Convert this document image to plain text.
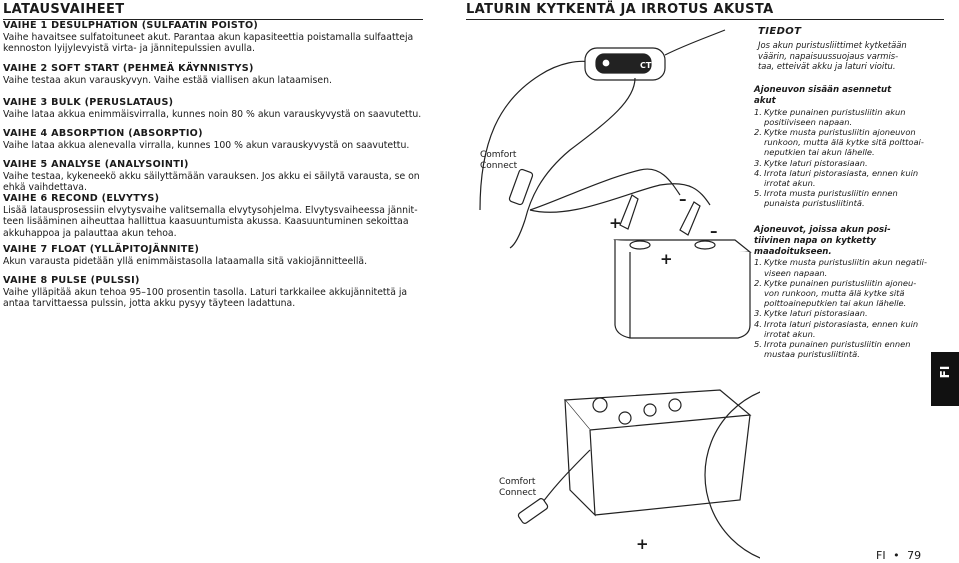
LATAUSVAIHEET
VAIHE 1 DESULPHATION (SULFAATIN POISTO)
Vaihe havaitsee sulfatoituneet akut. Parantaa akun kapasiteettia poistamalla sulfaatteja
kennoston lyijylevyistä virta- ja jännitepulssien avulla.
VAIHE 2 SOFT START (PEHMEÄ KÄYNNISTYS)
Vaihe testaa akun varauskyvyn. Vaihe estää viallisen akun lataamisen.
VAIHE 3 BULK (PERUSLATAUS)
Vaihe lataa akkua enimmäisvirralla, kunnes noin 80 % akun varauskyvystä on saavutettu.
VAIHE 4 ABSORPTION (ABSORPTIO)
Vaihe lataa akkua alenevalla virralla, kunnes 100 % akun varauskyvystä on saavutettu.
VAIHE 5 ANALYSE (ANALYSOINTI)
Vaihe testaa, kykeneekö akku säilyttämään varauksen. Jos akku ei säilytä varausta, se on
ehkä vaihdettava.
VAIHE 6 RECOND (ELVYTYS)
Lisää latausprosessiin elvytysvaihe valitsemalla elvytysohjelma. Elvytysvaiheessa jännit-
teen lisääminen aiheuttaa hallittua kaasuuntumista akussa. Kaasuuntuminen sekoittaa
akkuhappoa ja palauttaa akun tehoa.
VAIHE 7 FLOAT (YLLÄPITOJÄNNITE)
Akun varausta pidetään yllä enimmäistasolla lataamalla sitä vakiojännitteellä.
VAIHE 8 PULSE (PULSSI)
Vaihe ylläpitää akun tehoa 95–100 prosentin tasolla. Laturi tarkkailee akkujännitettä ja
antaa tarvittaessa pulssin, jotta akku pysyy täyteen ladattuna.
LATURIN KYTKENTÄ JA IRROTUS AKUSTA
TIEDOT
Jos akun puristusliittimet kytketään
väärin, napaisuussuojaus varmis-
taa, etteivät akku ja laturi vioitu.
Ajoneuvon sisään asennetut
akut
1. Kytke punainen puristusliitin akun
positiiviseen napaan.
2. Kytke musta puristusliitin ajoneuvon
runkoon, mutta älä kytke sitä polttoai-
neputkien tai akun lähelle.
3. Kytke laturi pistorasiaan.
4. Irrota laturi pistorasiasta, ennen kuin
irrotat akun.
5. Irrota musta puristusliitin ennen
punaista puristusliitintä.
Ajoneuvot, joissa akun posi-
tiivinen napa on kytketty
maadoitukseen.
1. Kytke musta puristusliitin akun negatii-
viseen napaan.
2. Kytke punainen puristusliitin ajoneu-
von runkoon, mutta älä kytke sitä
polttoaineputkien tai akun lähelle.
3. Kytke laturi pistorasiaan.
4. Irrota laturi pistorasiasta, ennen kuin
irrotat akun.
5. Irrota punainen puristusliitin ennen
mustaa puristusliitintä.
CTEK
Comfort
Connect
Comfort
Connect
+
–
–
+
+
FI
FI • 79
